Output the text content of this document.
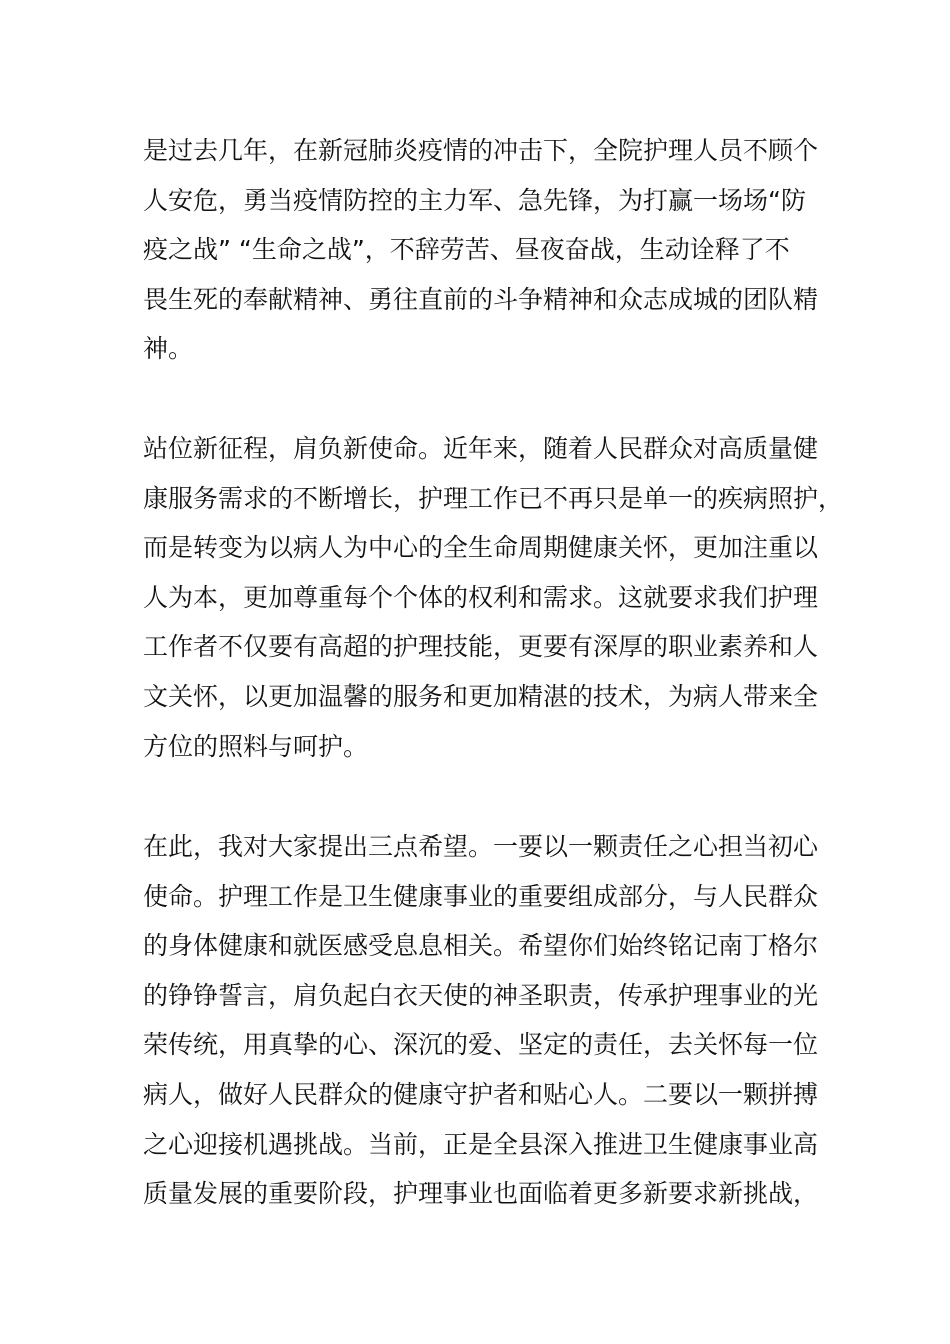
是过去几年，在新冠肺炎疫情的冲击下，全院护理人员不顾个
人安危，勇当疫情防控的主力军、急先锋，为打赢一场场“防
疫之战” “生命之战”，不辞劳苦、昼夜奋战，生动诠释了不
畏生死的奉献精神、勇往直前的斗争精神和众志成城的团队精
神。

站位新征程，肩负新使命。近年来，随着人民群众对高质量健
康服务需求的不断增长，护理工作已不再只是单一的疾病照护，
而是转变为以病人为中心的全生命周期健康关怀，更加注重以
人为本，更加尊重每个个体的权利和需求。这就要求我们护理
工作者不仅要有高超的护理技能，更要有深厚的职业素养和人
文关怀，以更加温馨的服务和更加精湛的技术，为病人带来全
方位的照料与呵护。

在此，我对大家提出三点希望。一要以一颗责任之心担当初心
使命。护理工作是卫生健康事业的重要组成部分，与人民群众
的身体健康和就医感受息息相关。希望你们始终铭记南丁格尔
的铮铮誓言，肩负起白衣天使的神圣职责，传承护理事业的光
荣传统，用真挚的心、深沉的爱、坚定的责任，去关怀每一位
病人，做好人民群众的健康守护者和贴心人。二要以一颗拼搏
之心迎接机遇挑战。当前，正是全县深入推进卫生健康事业高
质量发展的重要阶段，护理事业也面临着更多新要求新挑战，
